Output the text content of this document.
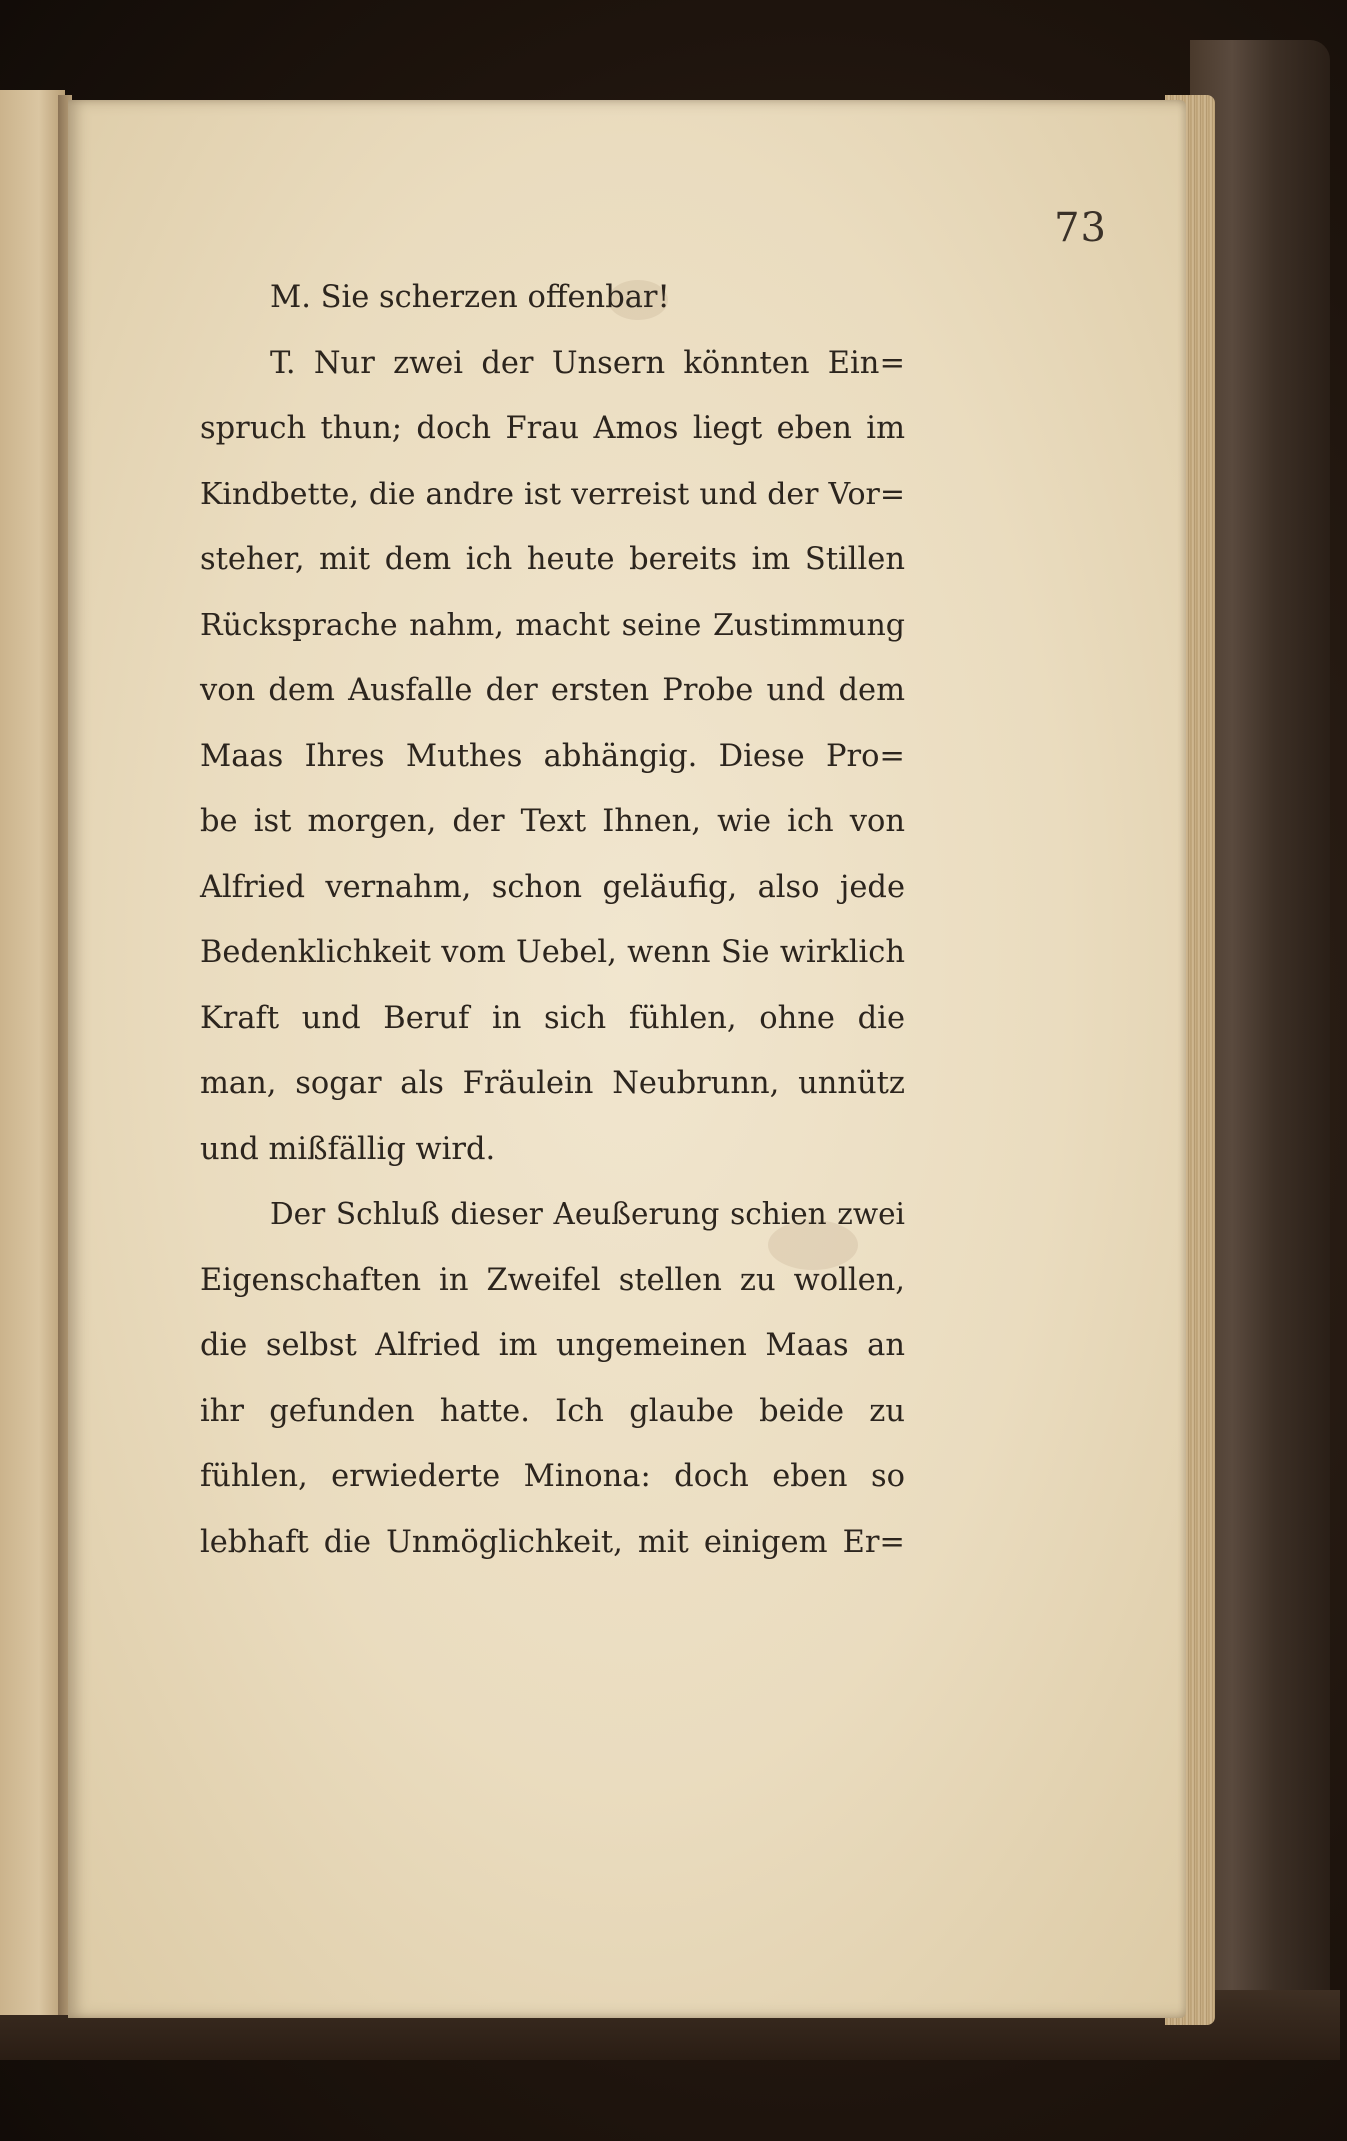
73
M. Sie scherzen offenbar!
T. Nur zwei der Unsern könnten Ein=
spruch thun; doch Frau Amos liegt eben im
Kindbette, die andre ist verreist und der Vor=
steher, mit dem ich heute bereits im Stillen
Rücksprache nahm, macht seine Zustimmung
von dem Ausfalle der ersten Probe und dem
Maas Ihres Muthes abhängig. Diese Pro=
be ist morgen, der Text Ihnen, wie ich von
Alfried vernahm, schon geläufig, also jede
Bedenklichkeit vom Uebel, wenn Sie wirklich
Kraft und Beruf in sich fühlen, ohne die
man, sogar als Fräulein Neubrunn, unnütz
und mißfällig wird.
Der Schluß dieser Aeußerung schien zwei
Eigenschaften in Zweifel stellen zu wollen,
die selbst Alfried im ungemeinen Maas an
ihr gefunden hatte. Ich glaube beide zu
fühlen, erwiederte Minona: doch eben so
lebhaft die Unmöglichkeit, mit einigem Er=
